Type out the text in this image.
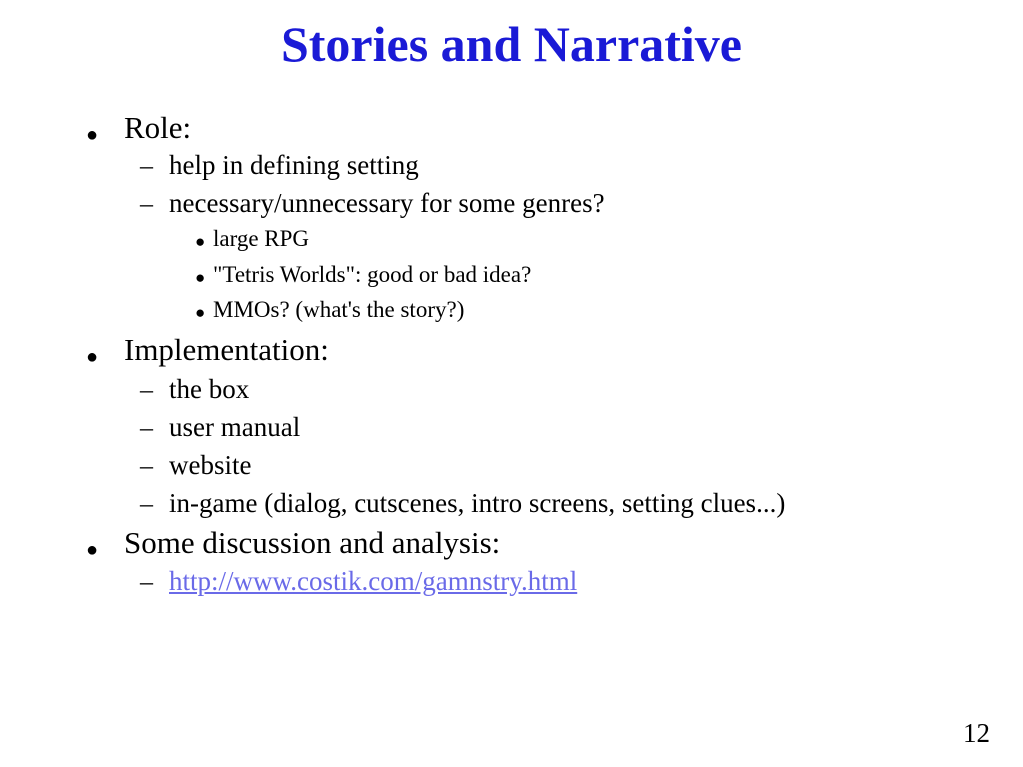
Stories and Narrative
● Role:
– help in defining setting
– necessary/unnecessary for some genres?
● large RPG
● "Tetris Worlds": good or bad idea?
● MMOs? (what's the story?)
● Implementation:
– the box
– user manual
– website
– in-game (dialog, cutscenes, intro screens, setting clues...)
● Some discussion and analysis:
– http://www.costik.com/gamnstry.html
12
